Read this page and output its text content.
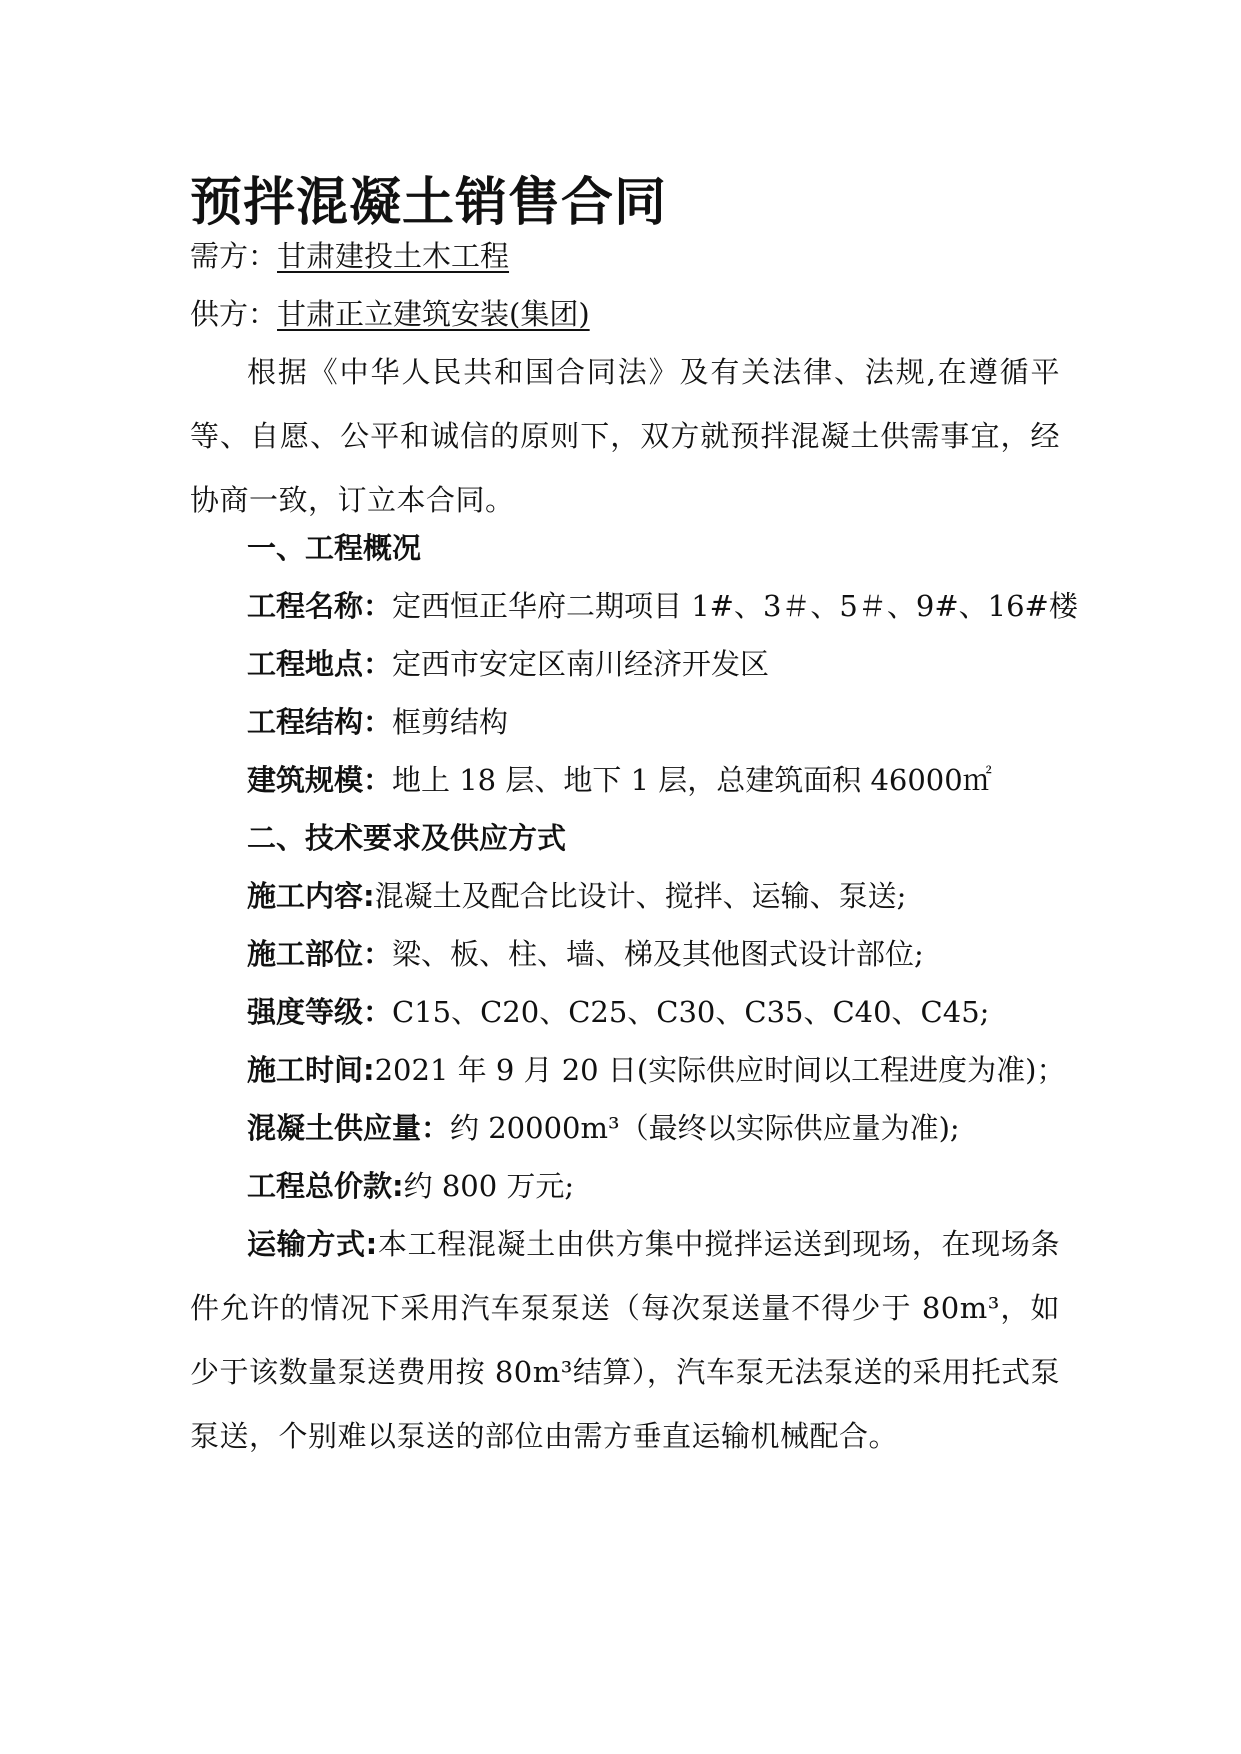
预拌混凝土销售合同
需方：甘肃建投土木工程
供方：甘肃正立建筑安装(集团)
根据《中华人民共和国合同法》及有关法律、法规,在遵循平等、自愿、公平和诚信的原则下，双方就预拌混凝土供需事宜，经协商一致，订立本合同。
一、工程概况
工程名称：定西恒正华府二期项目 1#、3＃、5＃、9#、16#楼
工程地点：定西市安定区南川经济开发区
工程结构：框剪结构
建筑规模：地上 18 层、地下 1 层，总建筑面积 46000㎡
二、技术要求及供应方式
施工内容:混凝土及配合比设计、搅拌、运输、泵送;
施工部位：梁、板、柱、墙、梯及其他图式设计部位;
强度等级：C15、C20、C25、C30、C35、C40、C45;
施工时间:2021 年 9 月 20 日(实际供应时间以工程进度为准)；
混凝土供应量：约 20000m³（最终以实际供应量为准);
工程总价款:约 800 万元;
运输方式:本工程混凝土由供方集中搅拌运送到现场，在现场条件允许的情况下采用汽车泵泵送（每次泵送量不得少于 80m³，如少于该数量泵送费用按 80m³结算），汽车泵无法泵送的采用托式泵泵送，个别难以泵送的部位由需方垂直运输机械配合。
